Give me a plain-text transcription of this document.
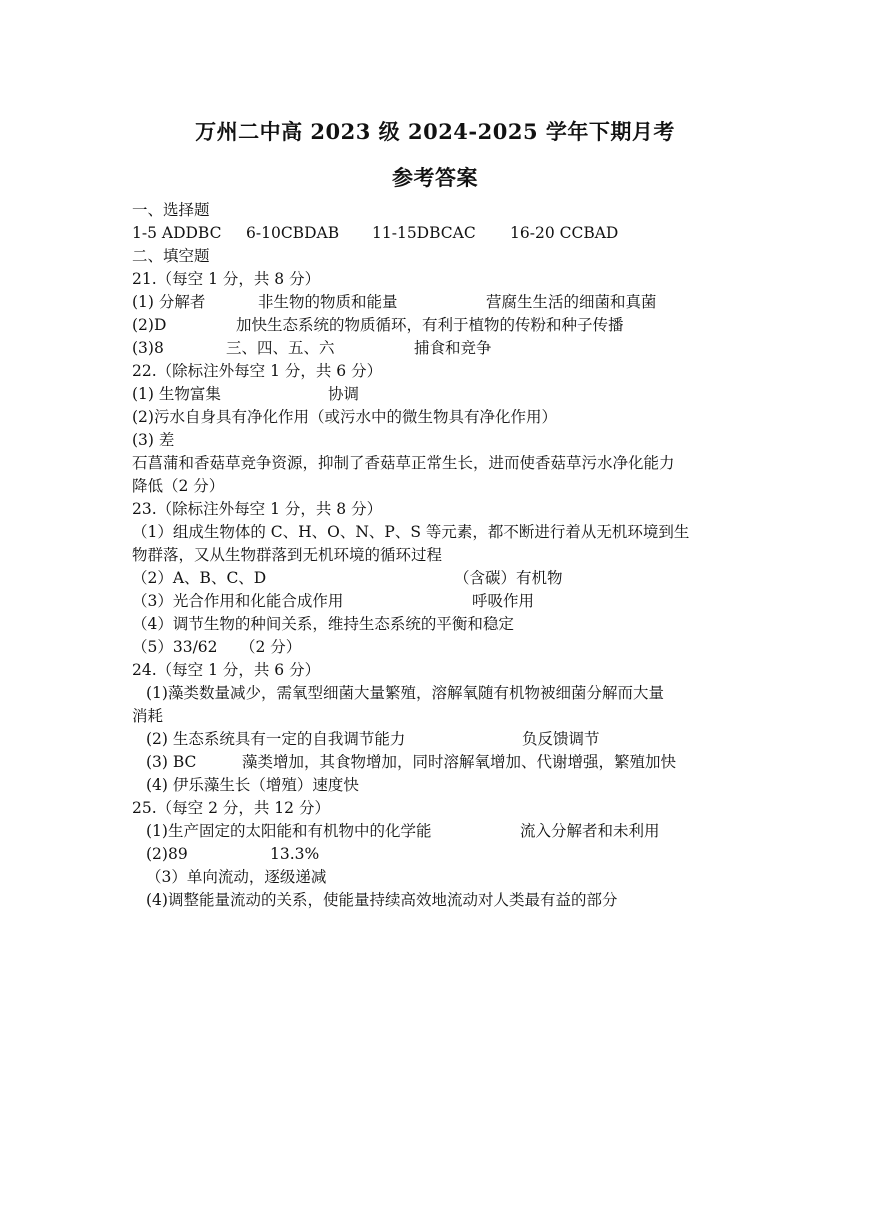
万州二中高 2023 级 2024-2025 学年下期月考
参考答案
一、选择题
1-5 ADDBC 6-10CBDAB 11-15DBCAC 16-20 CCBAD
二、填空题
21.（每空 1 分，共 8 分）
(1) 分解者	非生物的物质和能量	营腐生生活的细菌和真菌
(2)D	加快生态系统的物质循环，有利于植物的传粉和种子传播
(3)8	三、四、五、六	捕食和竞争
22.（除标注外每空 1 分，共 6 分）
(1) 生物富集	协调
(2)污水自身具有净化作用（或污水中的微生物具有净化作用）
(3) 差
石菖蒲和香菇草竞争资源，抑制了香菇草正常生长，进而使香菇草污水净化能力
降低（2 分）
23.（除标注外每空 1 分，共 8 分）
（1）组成生物体的 C、H、O、N、P、S 等元素，都不断进行着从无机环境到生
物群落，又从生物群落到无机环境的循环过程
（2）A、B、C、D	（含碳）有机物
（3）光合作用和化能合成作用	呼吸作用
（4）调节生物的种间关系，维持生态系统的平衡和稳定
（5）33/62 （2 分）
24.（每空 1 分，共 6 分）
(1)藻类数量减少，需氧型细菌大量繁殖，溶解氧随有机物被细菌分解而大量
消耗
(2) 生态系统具有一定的自我调节能力	负反馈调节
(3) BC	藻类增加，其食物增加，同时溶解氧增加、代谢增强，繁殖加快
(4) 伊乐藻生长（增殖）速度快
25.（每空 2 分，共 12 分）
(1)生产固定的太阳能和有机物中的化学能	流入分解者和未利用
(2)89	13.3%
（3）单向流动，逐级递减
(4)调整能量流动的关系，使能量持续高效地流动对人类最有益的部分
